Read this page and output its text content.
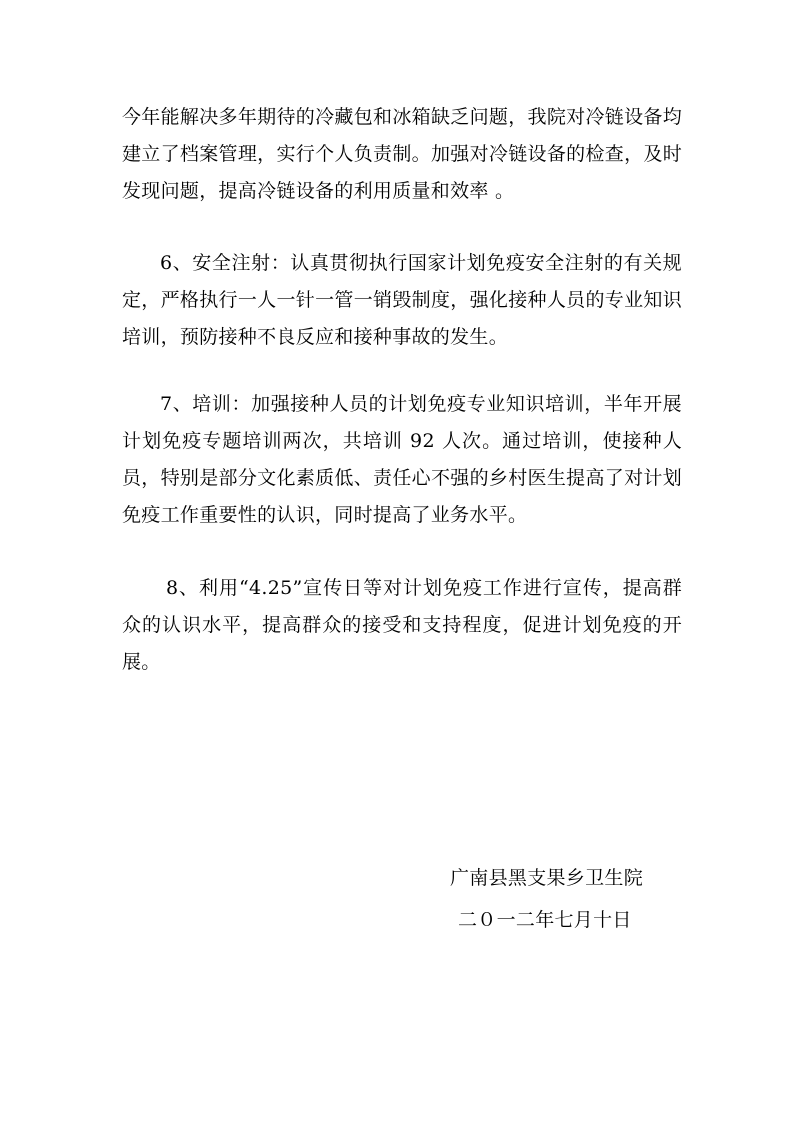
今年能解决多年期待的冷藏包和冰箱缺乏问题，我院对冷链设备均建立了档案管理，实行个人负责制。加强对冷链设备的检查，及时发现问题，提高冷链设备的利用质量和效率 。

6、安全注射：认真贯彻执行国家计划免疫安全注射的有关规定，严格执行一人一针一管一销毁制度，强化接种人员的专业知识培训，预防接种不良反应和接种事故的发生。

7、培训：加强接种人员的计划免疫专业知识培训，半年开展计划免疫专题培训两次，共培训 92 人次。通过培训，使接种人员，特别是部分文化素质低、责任心不强的乡村医生提高了对计划免疫工作重要性的认识，同时提高了业务水平。

8、利用“4.25”宣传日等对计划免疫工作进行宣传，提高群众的认识水平，提高群众的接受和支持程度，促进计划免疫的开展。

广南县黑支果乡卫生院

二０一二年七月十日
